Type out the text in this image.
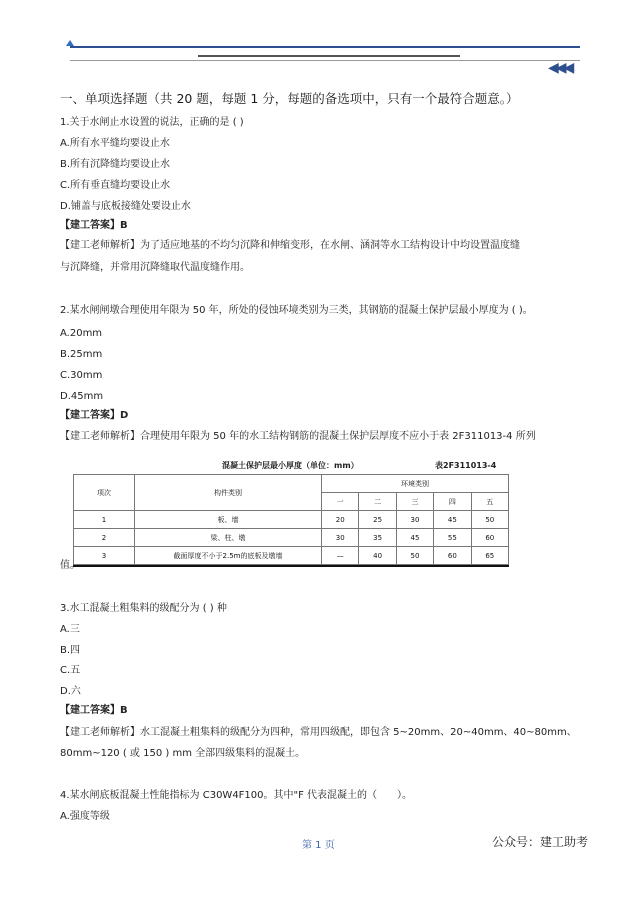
◀◀◀
一、单项选择题（共 20 题，每题 1 分，每题的备选项中，只有一个最符合题意。）
1.关于水闸止水设置的说法，正确的是 ( )
A.所有水平缝均要设止水
B.所有沉降缝均要设止水
C.所有垂直缝均要设止水
D.铺盖与底板接缝处要设止水
【建工答案】B
【建工老师解析】为了适应地基的不均匀沉降和伸缩变形，在水闸、涵洞等水工结构设计中均设置温度缝
与沉降缝，并常用沉降缝取代温度缝作用。
2.某水闸闸墩合理使用年限为 50 年，所处的侵蚀环境类别为三类，其钢筋的混凝土保护层最小厚度为 ( )。
A.20mm
B.25mm
C.30mm
D.45mm
【建工答案】D
【建工老师解析】合理使用年限为 50 年的水工结构钢筋的混凝土保护层厚度不应小于表 2F311013-4 所列
混凝土保护层最小厚度（单位：mm）	表2F311013-4
项次	构件类别	环境类别				
		一	二	三	四	五
1	板、墙	20	25	30	45	50
2	梁、柱、墩	30	35	45	55	60
3	截面厚度不小于2.5m的底板及墩墙	—	40	50	60	65
值。
3.水工混凝土粗集料的级配分为 ( ) 种
A.三
B.四
C.五
D.六
【建工答案】B
【建工老师解析】水工混凝土粗集料的级配分为四种，常用四级配，即包含 5~20mm、20~40mm、40~80mm、
80mm~120 ( 或 150 ) mm 全部四级集料的混凝土。
4.某水闸底板混凝土性能指标为 C30W4F100。其中"F 代表混凝土的（　　）。
A.强度等级
第 1 页	公众号：建工助考
